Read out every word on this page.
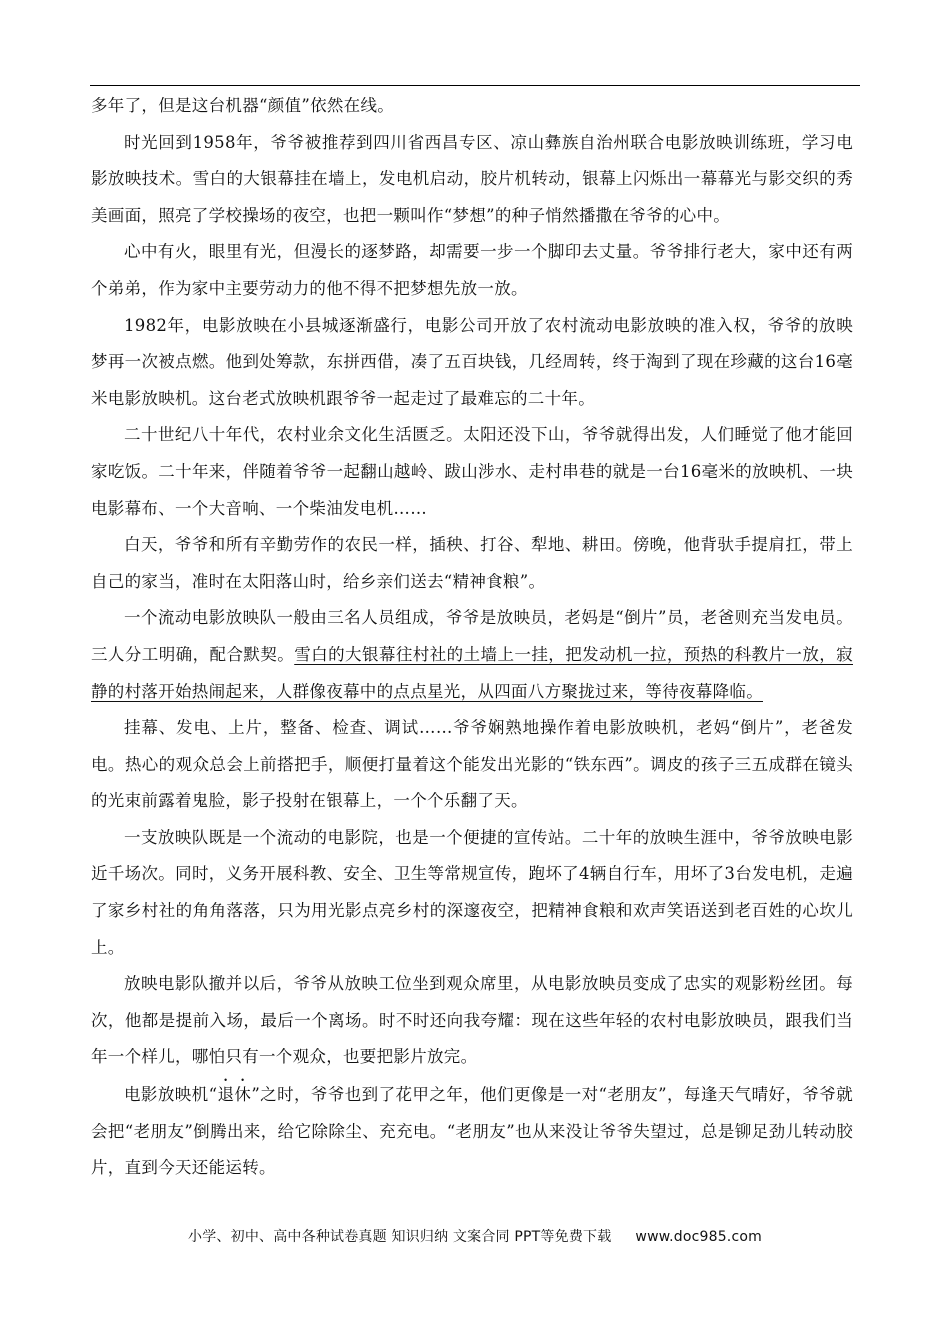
多年了，但是这台机器“颜值”依然在线。

时光回到1958年，爷爷被推荐到四川省西昌专区、凉山彝族自治州联合电影放映训练班，学习电影放映技术。雪白的大银幕挂在墙上，发电机启动，胶片机转动，银幕上闪烁出一幕幕光与影交织的秀美画面，照亮了学校操场的夜空，也把一颗叫作“梦想”的种子悄然播撒在爷爷的心中。

心中有火，眼里有光，但漫长的逐梦路，却需要一步一个脚印去丈量。爷爷排行老大，家中还有两个弟弟，作为家中主要劳动力的他不得不把梦想先放一放。

1982年，电影放映在小县城逐渐盛行，电影公司开放了农村流动电影放映的准入权，爷爷的放映梦再一次被点燃。他到处筹款，东拼西借，凑了五百块钱，几经周转，终于淘到了现在珍藏的这台16毫米电影放映机。这台老式放映机跟爷爷一起走过了最难忘的二十年。

二十世纪八十年代，农村业余文化生活匮乏。太阳还没下山，爷爷就得出发，人们睡觉了他才能回家吃饭。二十年来，伴随着爷爷一起翻山越岭、跋山涉水、走村串巷的就是一台16毫米的放映机、一块电影幕布、一个大音响、一个柴油发电机……

白天，爷爷和所有辛勤劳作的农民一样，插秧、打谷、犁地、耕田。傍晚，他背驮手提肩扛，带上自己的家当，准时在太阳落山时，给乡亲们送去“精神食粮”。

一个流动电影放映队一般由三名人员组成，爷爷是放映员，老妈是“倒片”员，老爸则充当发电员。三人分工明确，配合默契。雪白的大银幕往村社的土墙上一挂，把发动机一拉，预热的科教片一放，寂静的村落开始热闹起来，人群像夜幕中的点点星光，从四面八方聚拢过来，等待夜幕降临。

挂幕、发电、上片，整备、检查、调试……爷爷娴熟地操作着电影放映机，老妈“倒片”，老爸发电。热心的观众总会上前搭把手，顺便打量着这个能发出光影的“铁东西”。调皮的孩子三五成群在镜头的光束前露着鬼脸，影子投射在银幕上，一个个乐翻了天。

一支放映队既是一个流动的电影院，也是一个便捷的宣传站。二十年的放映生涯中，爷爷放映电影近千场次。同时，义务开展科教、安全、卫生等常规宣传，跑坏了4辆自行车，用坏了3台发电机，走遍了家乡村社的角角落落，只为用光影点亮乡村的深邃夜空，把精神食粮和欢声笑语送到老百姓的心坎儿上。

放映电影队撤并以后，爷爷从放映工位坐到观众席里，从电影放映员变成了忠实的观影粉丝团。每次，他都是提前入场，最后一个离场。时不时还向我夸耀：现在这些年轻的农村电影放映员，跟我们当年一个样儿，哪怕只有一个观众，也要把影片放完。

电影放映机“退休”之时，爷爷也到了花甲之年，他们更像是一对“老朋友”，每逢天气晴好，爷爷就会把“老朋友”倒腾出来，给它除除尘、充充电。“老朋友”也从来没让爷爷失望过，总是铆足劲儿转动胶片，直到今天还能运转。

小学、初中、高中各种试卷真题 知识归纳 文案合同 PPT等免费下载 www.doc985.com
